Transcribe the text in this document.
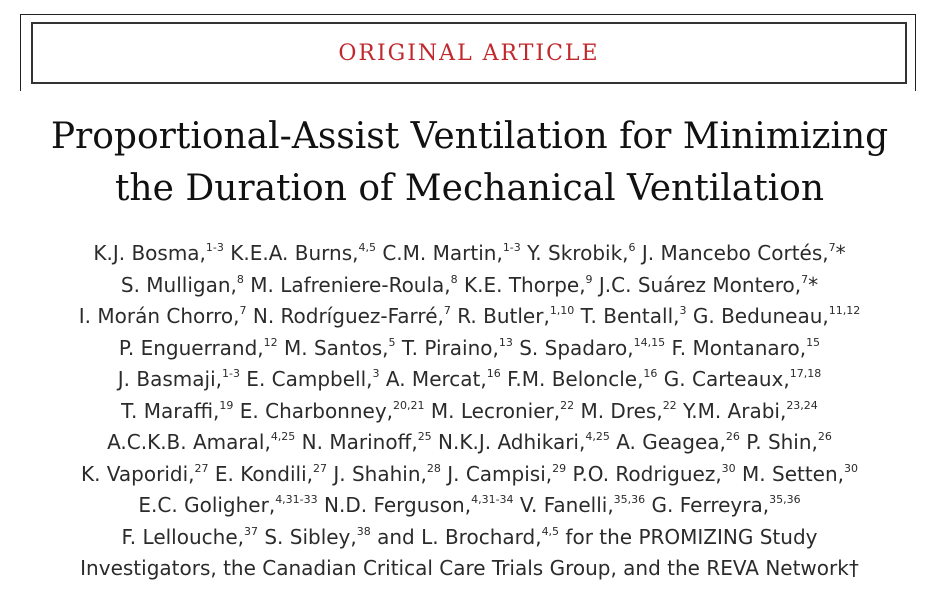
ORIGINAL ARTICLE
Proportional-Assist Ventilation for Minimizing
the Duration of Mechanical Ventilation
K.J. Bosma,$^{1-3}$ K.E.A. Burns,$^{4,5}$ C.M. Martin,$^{1-3}$ Y. Skrobik,$^6$ J. Mancebo Cortés,$^7$*
S. Mulligan,$^8$ M. Lafreniere-Roula,$^8$ K.E. Thorpe,$^9$ J.C. Suárez Montero,$^7$*
I. Morán Chorro,$^7$ N. Rodríguez-Farré,$^7$ R. Butler,$^{1,10}$ T. Bentall,$^3$ G. Beduneau,$^{11,12}$
P. Enguerrand,$^{12}$ M. Santos,$^5$ T. Piraino,$^{13}$ S. Spadaro,$^{14,15}$ F. Montanaro,$^{15}$
J. Basmaji,$^{1-3}$ E. Campbell,$^3$ A. Mercat,$^{16}$ F.M. Beloncle,$^{16}$ G. Carteaux,$^{17,18}$
T. Maraffi,$^{19}$ E. Charbonney,$^{20,21}$ M. Lecronier,$^{22}$ M. Dres,$^{22}$ Y.M. Arabi,$^{23,24}$
A.C.K.B. Amaral,$^{4,25}$ N. Marinoff,$^{25}$ N.K.J. Adhikari,$^{4,25}$ A. Geagea,$^{26}$ P. Shin,$^{26}$
K. Vaporidi,$^{27}$ E. Kondili,$^{27}$ J. Shahin,$^{28}$ J. Campisi,$^{29}$ P.O. Rodriguez,$^{30}$ M. Setten,$^{30}$
E.C. Goligher,$^{4,31-33}$ N.D. Ferguson,$^{4,31-34}$ V. Fanelli,$^{35,36}$ G. Ferreyra,$^{35,36}$
F. Lellouche,$^{37}$ S. Sibley,$^{38}$ and L. Brochard,$^{4,5}$ for the PROMIZING Study
Investigators, the Canadian Critical Care Trials Group, and the REVA Network†
